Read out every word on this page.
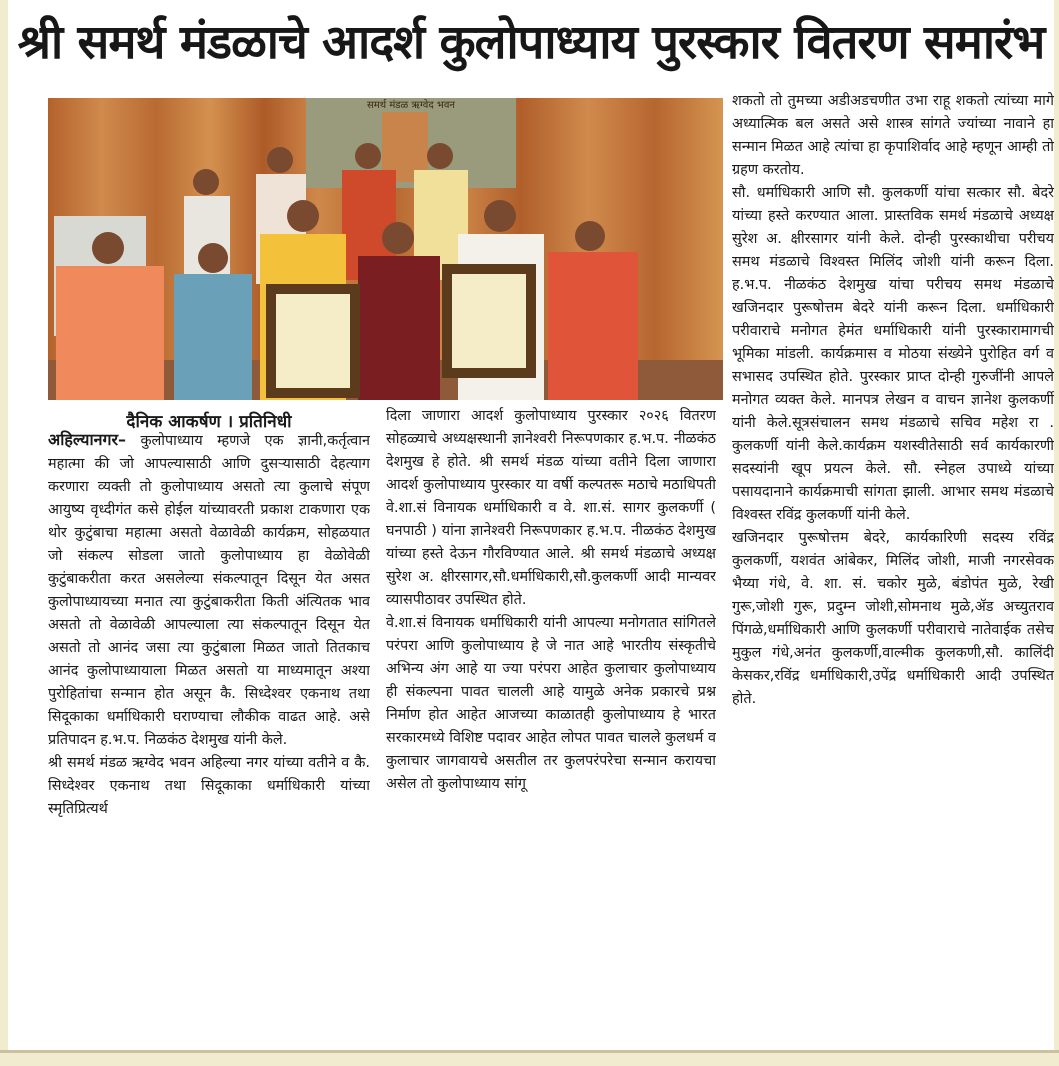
श्री समर्थ मंडळाचे आदर्श कुलोपाध्याय पुरस्कार वितरण समारंभ
समर्थ मंडळ ऋग्वेद भवन
दैनिक आकर्षण । प्रतिनिधी
अहिल्यानगर– कुलोपाध्याय म्हणजे एक ज्ञानी,कर्तृत्वान महात्मा की जो आपल्यासाठी आणि दुसऱ्यासाठी देहत्याग करणारा व्यक्ती तो कुलोपाध्याय असतो त्या कुलाचे संपूण आयुष्य वृध्दीगंत कसे होईल यांच्यावरती प्रकाश टाकणारा एक थोर कुटुंबाचा महात्मा असतो वेळावेळी कार्यक्रम, सोहळयात जो संकल्प सोडला जातो कुलोपाध्याय हा वेळोवेळी कुटुंबाकरीता करत असलेल्या संकल्पातून दिसून येत असत कुलोपाध्यायच्या मनात त्या कुटुंबाकरीता किती अंत्यितक भाव असतो तो वेळावेळी आपल्याला त्या संकल्पातून दिसून येत असतो तो आनंद जसा त्या कुटुंबाला मिळत जातो तितकाच आनंद कुलोपाध्यायाला मिळत असतो या माध्यमातून अश्या पुरोहितांचा सन्मान होत असून कै. सिध्देश्वर एकनाथ तथा सिदूकाका धर्माधिकारी घराण्याचा लौकीक वाढत आहे. असे प्रतिपादन ह.भ.प. निळकंठ देशमुख यांनी केले.
श्री समर्थ मंडळ ऋग्वेद भवन अहिल्या नगर यांच्या वतीने व कै. सिध्देश्वर एकनाथ तथा सिदूकाका धर्माधिकारी यांच्या स्मृतिप्रित्यर्थ
दिला जाणारा आदर्श कुलोपाध्याय पुरस्कार २०२६ वितरण सोहळ्याचे अध्यक्षस्थानी ज्ञानेश्वरी निरूपणकार ह.भ.प. नीळकंठ देशमुख हे होते. श्री समर्थ मंडळ यांच्या वतीने दिला जाणारा आदर्श कुलोपाध्याय पुरस्कार या वर्षी कल्पतरू मठाचे मठाधिपती वे.शा.सं विनायक धर्माधिकारी व वे. शा.सं. सागर कुलकर्णी ( घनपाठी ) यांना ज्ञानेश्वरी निरूपणकार ह.भ.प. नीळकंठ देशमुख यांच्या हस्ते देऊन गौरविण्यात आले. श्री समर्थ मंडळाचे अध्यक्ष सुरेश अ. क्षीरसागर,सौ.धर्माधिकारी,सौ.कुलकर्णी आदी मान्यवर व्यासपीठावर उपस्थित होते.
वे.शा.सं विनायक धर्माधिकारी यांनी आपल्या मनोगतात सांगितले परंपरा आणि कुलोपाध्याय हे जे नात आहे भारतीय संस्कृतीचे अभिन्य अंग आहे या ज्या परंपरा आहेत कुलाचार कुलोपाध्याय ही संकल्पना पावत चालली आहे यामुळे अनेक प्रकारचे प्रश्न निर्माण होत आहेत आजच्या काळातही कुलोपाध्याय हे भारत सरकारमध्ये विशिष्ट पदावर आहेत लोपत पावत चालले कुलधर्म व कुलाचार जागवायचे असतील तर कुलपरंपरेचा सन्मान करायचा असेल तो कुलोपाध्याय सांगू
शकतो तो तुमच्या अडीअडचणीत उभा राहू शकतो त्यांच्या मागे अध्यात्मिक बल असते असे शास्त्र सांगते ज्यांच्या नावाने हा सन्मान मिळत आहे त्यांचा हा कृपाशिर्वाद आहे म्हणून आम्ही तो ग्रहण करतोय.
सौ. धर्माधिकारी आणि सौ. कुलकर्णी यांचा सत्कार सौ. बेदरे यांच्या हस्ते करण्यात आला. प्रास्तविक समर्थ मंडळाचे अध्यक्ष सुरेश अ. क्षीरसागर यांनी केले. दोन्ही पुरस्काथीचा परीचय समथ मंडळाचे विश्वस्त मिलिंद जोशी यांनी करून दिला. ह.भ.प. नीळकंठ देशमुख यांचा परीचय समथ मंडळाचे खजिनदार पुरूषोत्तम बेदरे यांनी करून दिला. धर्माधिकारी परीवाराचे मनोगत हेमंत धर्माधिकारी यांनी पुरस्कारामागची भूमिका मांडली. कार्यक्रमास व मोठया संख्येने पुरोहित वर्ग व सभासद उपस्थित होते. पुरस्कार प्राप्त दोन्ही गुरुजींनी आपले मनोगत व्यक्त केले. मानपत्र लेखन व वाचन ज्ञानेश कुलकर्णी यांनी केले.सूत्रसंचालन समथ मंडळाचे सचिव महेश रा . कुलकर्णी यांनी केले.कार्यक्रम यशस्वीतेसाठी सर्व कार्यकारणी सदस्यांनी खूप प्रयत्न केले. सौ. स्नेहल उपाध्ये यांच्या पसायदानाने कार्यक्रमाची सांगता झाली. आभार समथ मंडळाचे विश्वस्त रविंद्र कुलकर्णी यांनी केले.
खजिनदार पुरूषोत्तम बेदरे, कार्यकारिणी सदस्य रविंद्र कुलकर्णी, यशवंत आंबेकर, मिलिंद जोशी, माजी नगरसेवक भैय्या गंधे, वे. शा. सं. चकोर मुळे, बंडोपंत मुळे, रेखी गुरू,जोशी गुरू, प्रदुम्न जोशी,सोमनाथ मुळे,ॲड अच्युतराव पिंगळे,धर्माधिकारी आणि कुलकर्णी परीवाराचे नातेवाईक तसेच मुकुल गंधे,अनंत कुलकर्णी,वाल्मीक कुलकणी,सौ. कालिंदी केसकर,रविंद्र धर्माधिकारी,उपेंद्र धर्माधिकारी आदी उपस्थित होते.
